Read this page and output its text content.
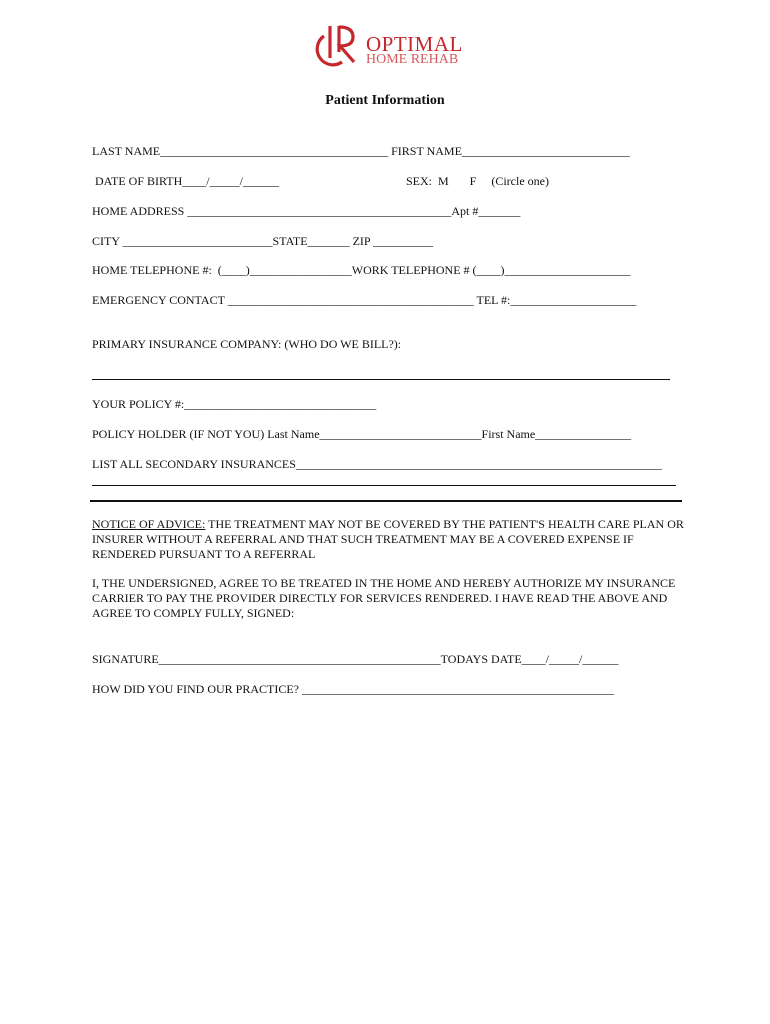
OPTIMAL
HOME REHAB
Patient Information
LAST NAME______________________________________ FIRST NAME____________________________
DATE OF BIRTH____/_____/______	SEX:  M       F     (Circle one)
HOME ADDRESS ____________________________________________Apt #_______
CITY _________________________STATE_______ ZIP __________
HOME TELEPHONE #:  (____)_________________WORK TELEPHONE # (____)_____________________
EMERGENCY CONTACT _________________________________________ TEL #:_____________________
PRIMARY INSURANCE COMPANY: (WHO DO WE BILL?):
YOUR POLICY #:________________________________
POLICY HOLDER (IF NOT YOU) Last Name___________________________First Name________________
LIST ALL SECONDARY INSURANCES_____________________________________________________________
NOTICE OF ADVICE: THE TREATMENT MAY NOT BE COVERED BY THE PATIENT'S HEALTH CARE PLAN OR INSURER WITHOUT A REFERRAL AND THAT SUCH TREATMENT MAY BE A COVERED EXPENSE IF RENDERED PURSUANT TO A REFERRAL
I, THE UNDERSIGNED, AGREE TO BE TREATED IN THE HOME AND HEREBY AUTHORIZE MY INSURANCE CARRIER TO PAY THE PROVIDER DIRECTLY FOR SERVICES RENDERED. I HAVE READ THE ABOVE AND AGREE TO COMPLY FULLY, SIGNED:
SIGNATURE_______________________________________________TODAYS DATE____/_____/______
HOW DID YOU FIND OUR PRACTICE? ____________________________________________________
